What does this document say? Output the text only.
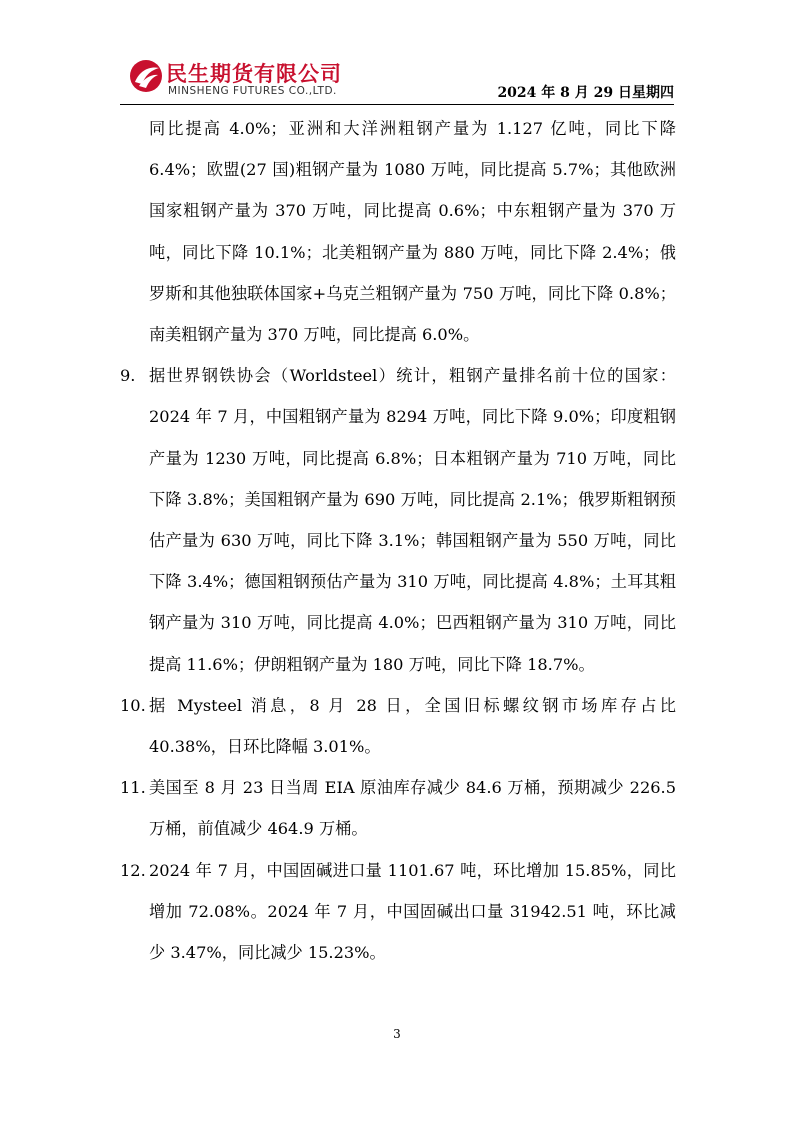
民生期货有限公司
MINSHENG FUTURES CO.,LTD.	2024 年 8 月 29 日星期四

同比提高 4.0%；亚洲和大洋洲粗钢产量为 1.127 亿吨，同比下降 6.4%；欧盟(27 国)粗钢产量为 1080 万吨，同比提高 5.7%；其他欧洲国家粗钢产量为 370 万吨，同比提高 0.6%；中东粗钢产量为 370 万吨，同比下降 10.1%；北美粗钢产量为 880 万吨，同比下降 2.4%；俄罗斯和其他独联体国家+乌克兰粗钢产量为 750 万吨，同比下降 0.8%；南美粗钢产量为 370 万吨，同比提高 6.0%。

9. 据世界钢铁协会（Worldsteel）统计，粗钢产量排名前十位的国家：2024 年 7 月，中国粗钢产量为 8294 万吨，同比下降 9.0%；印度粗钢产量为 1230 万吨，同比提高 6.8%；日本粗钢产量为 710 万吨，同比下降 3.8%；美国粗钢产量为 690 万吨，同比提高 2.1%；俄罗斯粗钢预估产量为 630 万吨，同比下降 3.1%；韩国粗钢产量为 550 万吨，同比下降 3.4%；德国粗钢预估产量为 310 万吨，同比提高 4.8%；土耳其粗钢产量为 310 万吨，同比提高 4.0%；巴西粗钢产量为 310 万吨，同比提高 11.6%；伊朗粗钢产量为 180 万吨，同比下降 18.7%。

10. 据 Mysteel 消息，8 月 28 日，全国旧标螺纹钢市场库存占比 40.38%，日环比降幅 3.01%。

11. 美国至 8 月 23 日当周 EIA 原油库存减少 84.6 万桶，预期减少 226.5 万桶，前值减少 464.9 万桶。

12. 2024 年 7 月，中国固碱进口量 1101.67 吨，环比增加 15.85%，同比增加 72.08%。2024 年 7 月，中国固碱出口量 31942.51 吨，环比减少 3.47%，同比减少 15.23%。

3
